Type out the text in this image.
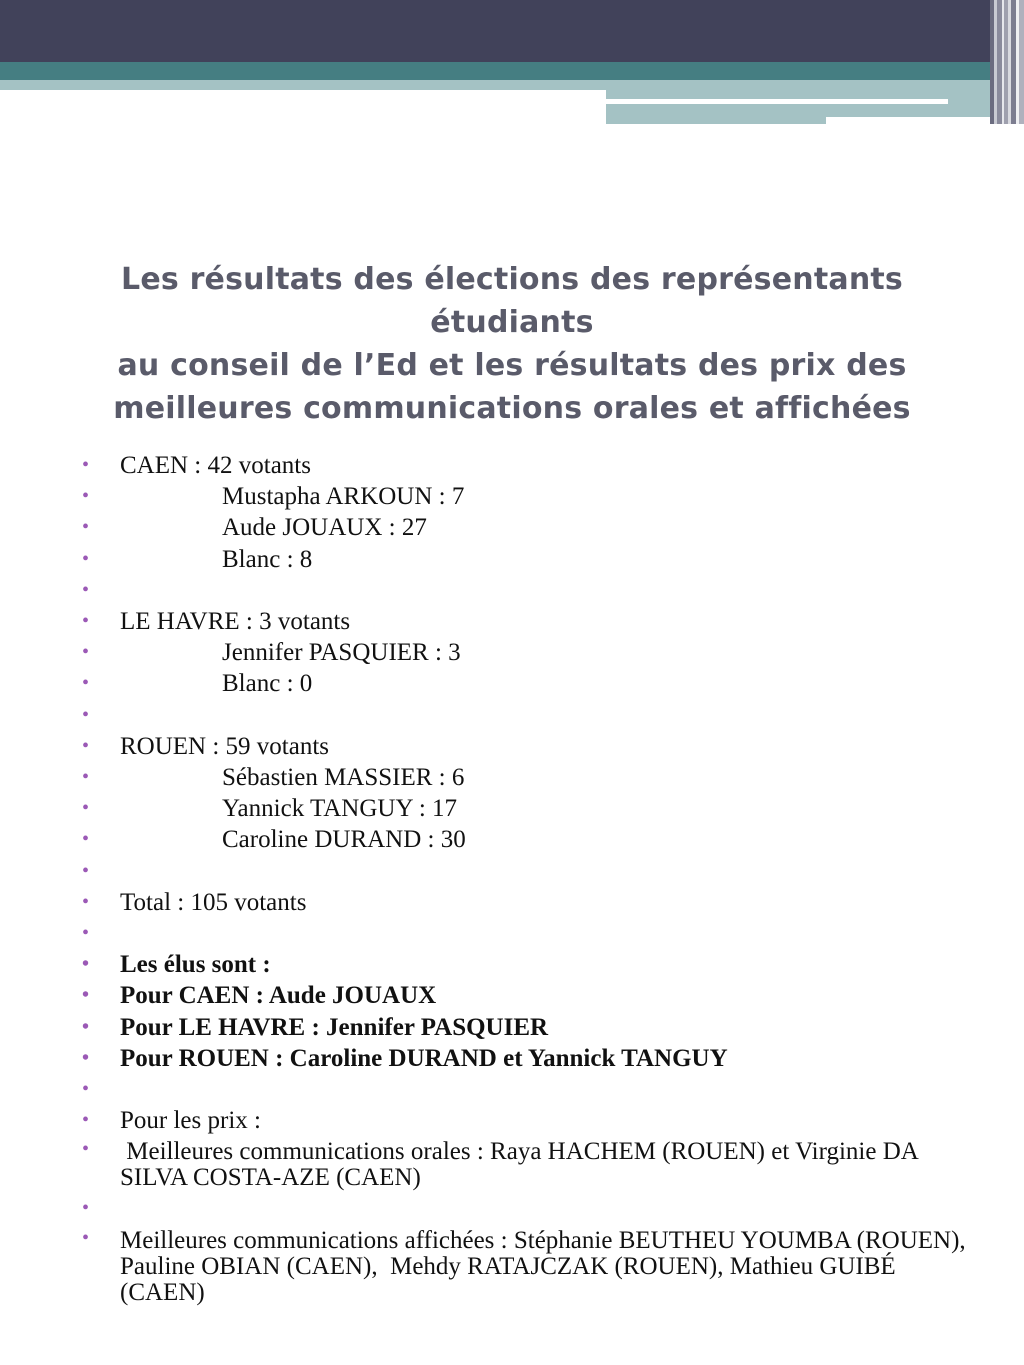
Les résultats des élections des représentants étudiants
au conseil de l’Ed et les résultats des prix des
meilleures communications orales et affichées
• CAEN : 42 votants
• Mustapha ARKOUN : 7
• Aude JOUAUX : 27
• Blanc : 8
•
• LE HAVRE : 3 votants
• Jennifer PASQUIER : 3
• Blanc : 0
•
• ROUEN : 59 votants
• Sébastien MASSIER : 6
• Yannick TANGUY : 17
• Caroline DURAND : 30
•
• Total : 105 votants
•
• Les élus sont :
• Pour CAEN : Aude JOUAUX
• Pour LE HAVRE : Jennifer PASQUIER
• Pour ROUEN : Caroline DURAND et Yannick TANGUY
•
• Pour les prix :
•  Meilleures communications orales : Raya HACHEM (ROUEN) et Virginie DA SILVA COSTA-AZE (CAEN)
•
• Meilleures communications affichées : Stéphanie BEUTHEU YOUMBA (ROUEN), Pauline OBIAN (CAEN),  Mehdy RATAJCZAK (ROUEN), Mathieu GUIBÉ (CAEN)
